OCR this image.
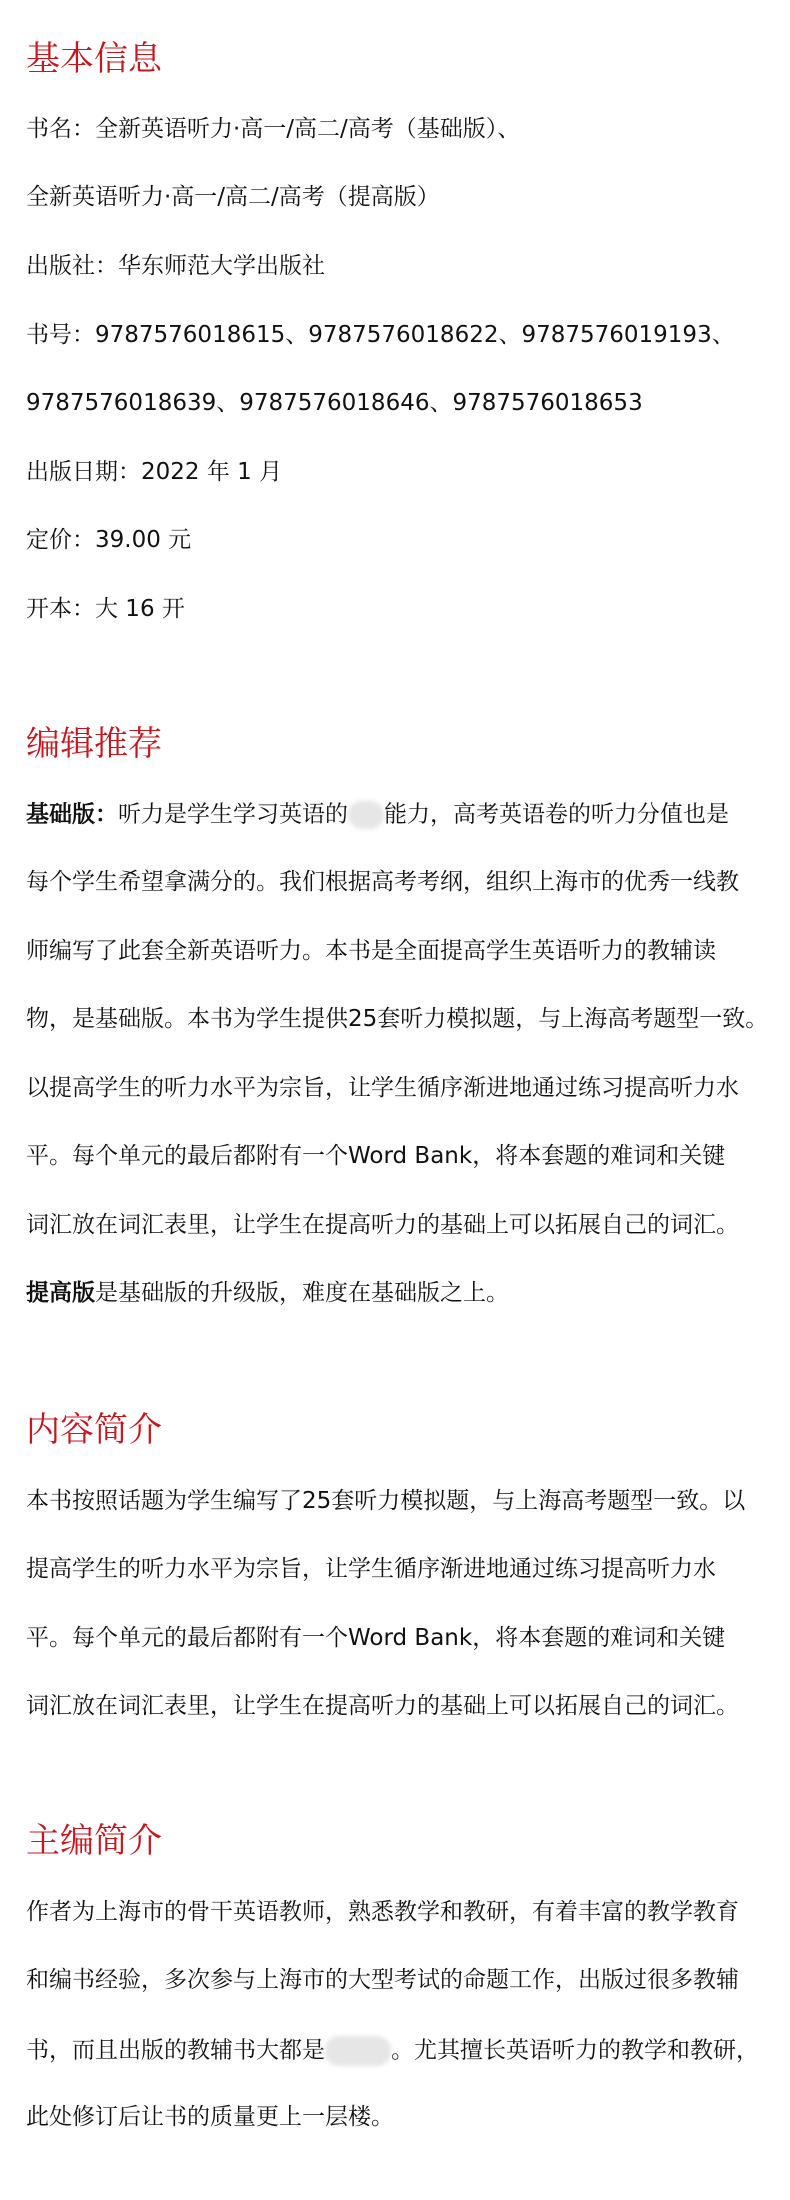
基本信息

书名：全新英语听力·高一/高二/高考（基础版）、

全新英语听力·高一/高二/高考（提高版）

出版社：华东师范大学出版社

书号：9787576018615、9787576018622、9787576019193、

9787576018639、9787576018646、9787576018653

出版日期：2022 年 1 月

定价：39.00 元

开本：大 16 开

编辑推荐

基础版：听力是学生学习英语的 能力，高考英语卷的听力分值也是

每个学生希望拿满分的。我们根据高考考纲，组织上海市的优秀一线教

师编写了此套全新英语听力。本书是全面提高学生英语听力的教辅读

物，是基础版。本书为学生提供25套听力模拟题，与上海高考题型一致。

以提高学生的听力水平为宗旨，让学生循序渐进地通过练习提高听力水

平。每个单元的最后都附有一个Word Bank，将本套题的难词和关键

词汇放在词汇表里，让学生在提高听力的基础上可以拓展自己的词汇。

提高版是基础版的升级版，难度在基础版之上。

内容简介

本书按照话题为学生编写了25套听力模拟题，与上海高考题型一致。以

提高学生的听力水平为宗旨，让学生循序渐进地通过练习提高听力水

平。每个单元的最后都附有一个Word Bank，将本套题的难词和关键

词汇放在词汇表里，让学生在提高听力的基础上可以拓展自己的词汇。

主编简介

作者为上海市的骨干英语教师，熟悉教学和教研，有着丰富的教学教育

和编书经验，多次参与上海市的大型考试的命题工作，出版过很多教辅

书，而且出版的教辅书大都是	。尤其擅长英语听力的教学和教研，

此处修订后让书的质量更上一层楼。
